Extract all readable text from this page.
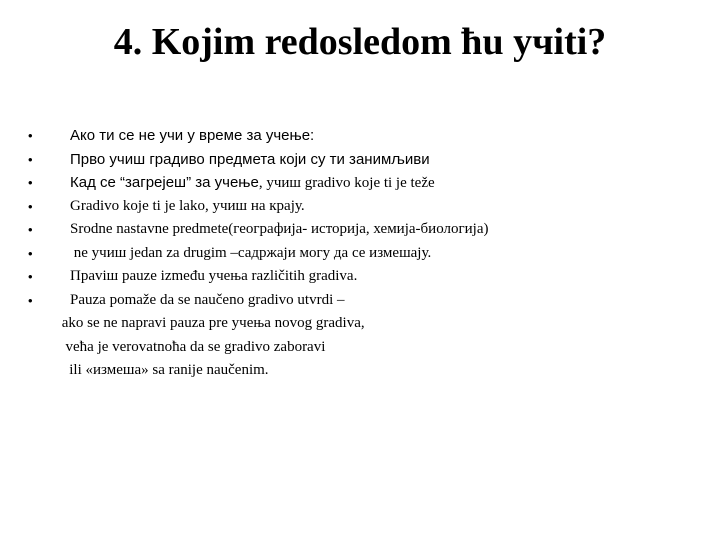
4. Kojim redosledom ћu учiti?
•	Ако ти се не учи у време за учење:
•	Прво учиш градиво предмета који су ти занимљиви
•	Кад се “загрејеш” за учење, учиш gradivo koje ti je teže
•	Gradivo koje ti je lako, учиш на крају.
•	Srodne nastavne predmete(географија- историја, хемија-биологија)
•	ne учиш jedan za drugim –садржаји могу да се измешају.
•	Праviш pauze između учења različitih gradiva.
•	Pauza pomaže da se naučeno gradivo utvrdi –
ako se ne napravi pauza pre учења novog gradiva,
veћa je verovatnoћa da se gradivo zaboravi
ili «измеша» sa ranije naučenim.
